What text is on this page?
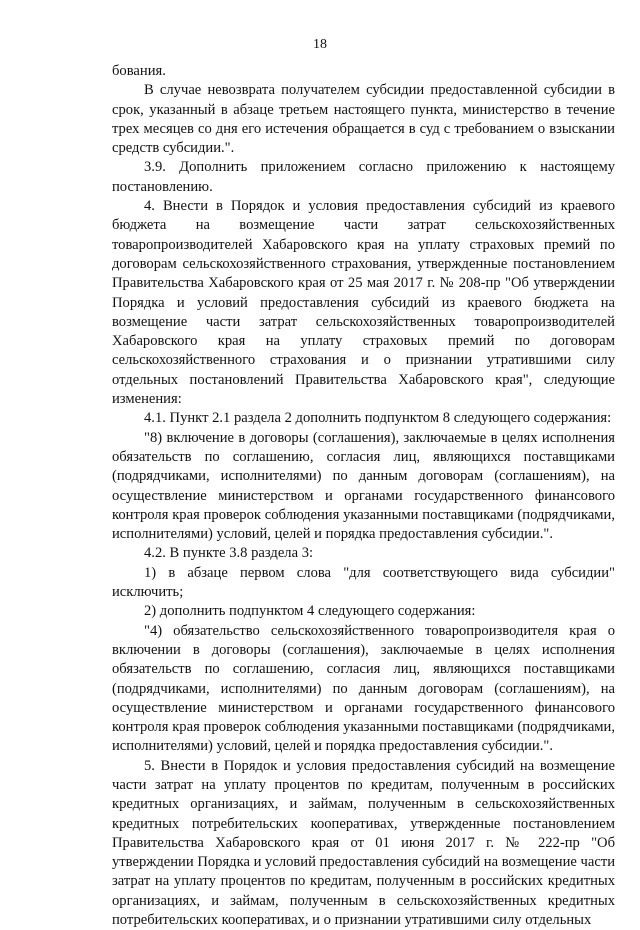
18

бования.

В случае невозврата получателем субсидии предоставленной субсидии в срок, указанный в абзаце третьем настоящего пункта, министерство в течение трех месяцев со дня его истечения обращается в суд с требованием о взыскании средств субсидии.".

3.9. Дополнить приложением согласно приложению к настоящему постановлению.

4. Внести в Порядок и условия предоставления субсидий из краевого бюджета на возмещение части затрат сельскохозяйственных товаропроизводителей Хабаровского края на уплату страховых премий по договорам сельскохозяйственного страхования, утвержденные постановлением Правительства Хабаровского края от 25 мая 2017 г. № 208-пр "Об утверждении Порядка и условий предоставления субсидий из краевого бюджета на возмещение части затрат сельскохозяйственных товаропроизводителей Хабаровского края на уплату страховых премий по договорам сельскохозяйственного страхования и о признании утратившими силу отдельных постановлений Правительства Хабаровского края", следующие изменения:

4.1. Пункт 2.1 раздела 2 дополнить подпунктом 8 следующего содержания:

"8) включение в договоры (соглашения), заключаемые в целях исполнения обязательств по соглашению, согласия лиц, являющихся поставщиками (подрядчиками, исполнителями) по данным договорам (соглашениям), на осуществление министерством и органами государственного финансового контроля края проверок соблюдения указанными поставщиками (подрядчиками, исполнителями) условий, целей и порядка предоставления субсидии.".

4.2. В пункте 3.8 раздела 3:

1) в абзаце первом слова "для соответствующего вида субсидии" исключить;

2) дополнить подпунктом 4 следующего содержания:

"4) обязательство сельскохозяйственного товаропроизводителя края о включении в договоры (соглашения), заключаемые в целях исполнения обязательств по соглашению, согласия лиц, являющихся поставщиками (подрядчиками, исполнителями) по данным договорам (соглашениям), на осуществление министерством и органами государственного финансового контроля края проверок соблюдения указанными поставщиками (подрядчиками, исполнителями) условий, целей и порядка предоставления субсидии.".

5. Внести в Порядок и условия предоставления субсидий на возмещение части затрат на уплату процентов по кредитам, полученным в российских кредитных организациях, и займам, полученным в сельскохозяйственных кредитных потребительских кооперативах, утвержденные постановлением Правительства Хабаровского края от 01 июня 2017 г. № 222-пр "Об утверждении Порядка и условий предоставления субсидий на возмещение части затрат на уплату процентов по кредитам, полученным в российских кредитных организациях, и займам, полученным в сельскохозяйственных кредитных потребительских кооперативах, и о признании утратившими силу отдельных
